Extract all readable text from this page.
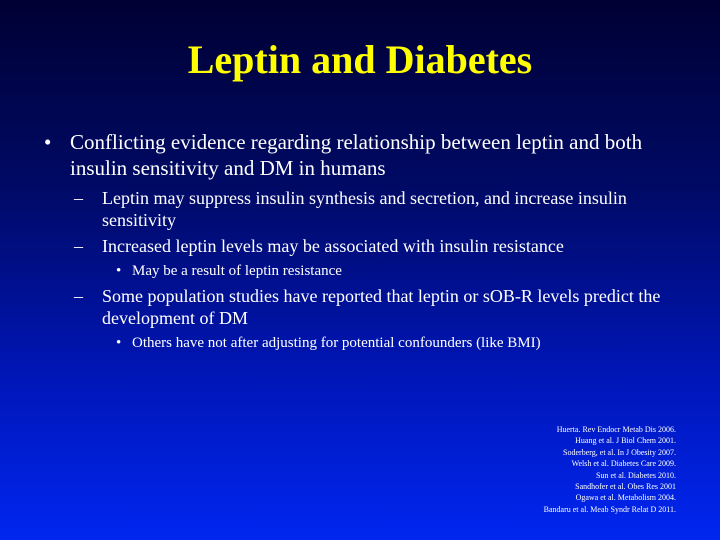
Leptin and Diabetes
• Conflicting evidence regarding relationship between leptin and both insulin sensitivity and DM in humans
–	Leptin may suppress insulin synthesis and secretion, and increase insulin sensitivity
–	Increased leptin levels may be associated with insulin resistance
• May be a result of leptin resistance
–	Some population studies have reported that leptin or sOB-R levels predict the development of DM
• Others have not after adjusting for potential confounders (like BMI)
Huerta. Rev Endocr Metab Dis 2006.
Huang et al. J Biol Chem 2001.
Soderberg, et al. In J Obesity 2007.
Welsh et al. Diabetes Care 2009.
Sun et al. Diabetes 2010.
Sandhofer et al. Obes Res 2001
Ogawa et al. Metabolism 2004.
Bandaru et al. Meab Syndr Relat D 2011.
